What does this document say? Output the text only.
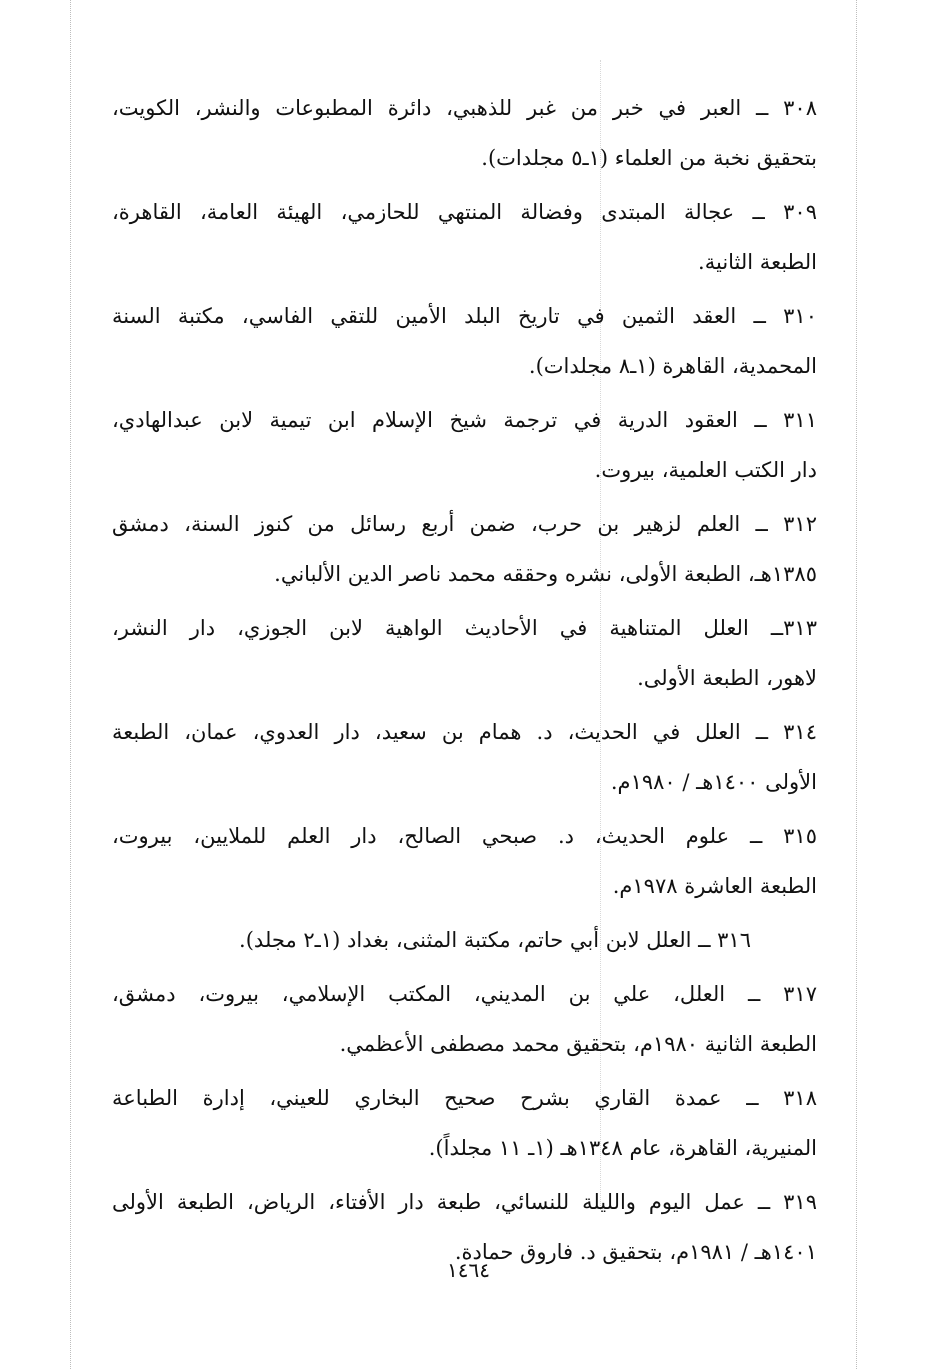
٣٠٨ ــ العبر في خبر من غبر للذهبي، دائرة المطبوعات والنشر، الكويت،
بتحقيق نخبة من العلماء (١ـ٥ مجلدات).
٣٠٩ ــ عجالة المبتدى وفضالة المنتهي للحازمي، الهيئة العامة، القاهرة،
الطبعة الثانية.
٣١٠ ــ العقد الثمين في تاريخ البلد الأمين للتقي الفاسي، مكتبة السنة
المحمدية، القاهرة (١ـ٨ مجلدات).
٣١١ ــ العقود الدرية في ترجمة شيخ الإسلام ابن تيمية لابن عبدالهادي،
دار الكتب العلمية، بيروت.
٣١٢ ــ العلم لزهير بن حرب، ضمن أربع رسائل من كنوز السنة، دمشق
١٣٨٥هـ، الطبعة الأولى، نشره وحققه محمد ناصر الدين الألباني.
٣١٣ــ العلل المتناهية في الأحاديث الواهية لابن الجوزي، دار النشر،
لاهور، الطبعة الأولى.
٣١٤ ــ العلل في الحديث، د. همام بن سعيد، دار العدوي، عمان، الطبعة
الأولى ١٤٠٠هـ / ١٩٨٠م.
٣١٥ ــ علوم الحديث، د. صبحي الصالح، دار العلم للملايين، بيروت،
الطبعة العاشرة ١٩٧٨م.
٣١٦ ــ العلل لابن أبي حاتم، مكتبة المثنى، بغداد (١ـ٢ مجلد).
٣١٧ ــ العلل، علي بن المديني، المكتب الإسلامي، بيروت، دمشق،
الطبعة الثانية ١٩٨٠م، بتحقيق محمد مصطفى الأعظمي.
٣١٨ ــ عمدة القاري بشرح صحيح البخاري للعيني، إدارة الطباعة
المنيرية، القاهرة، عام ١٣٤٨هـ (١ـ ١١ مجلداً).
٣١٩ ــ عمل اليوم والليلة للنسائي، طبعة دار الأفتاء، الرياض، الطبعة الأولى
١٤٠١هـ / ١٩٨١م، بتحقيق د. فاروق حمادة.
١٤٦٤
